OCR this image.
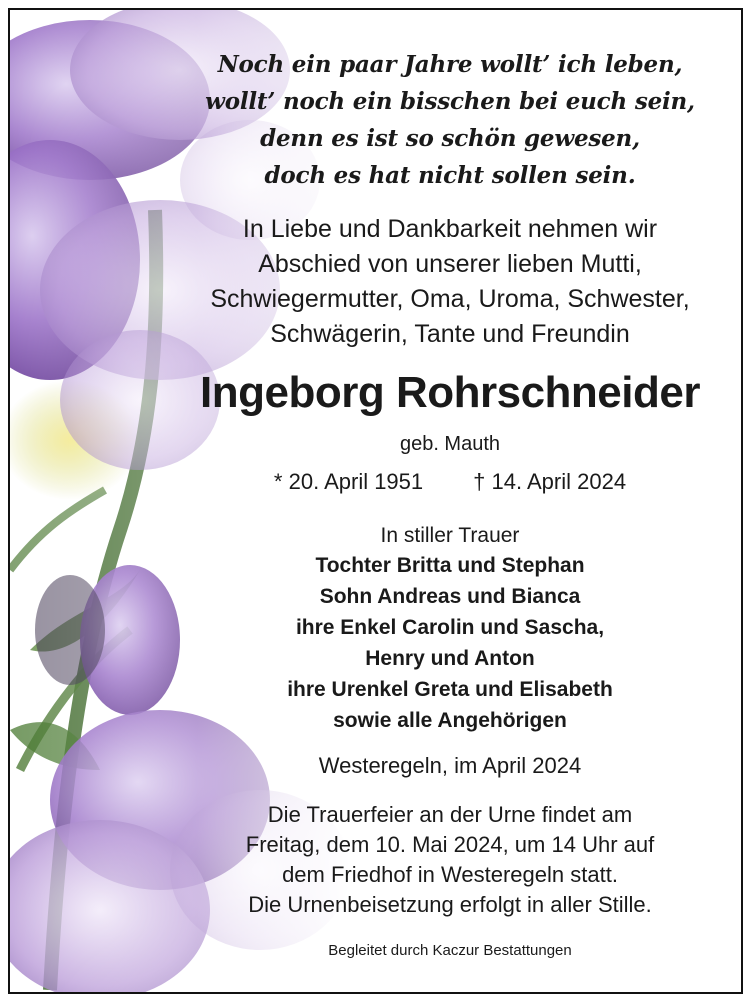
Noch ein paar Jahre wollt’ ich leben,
wollt’ noch ein bisschen bei euch sein,
denn es ist so schön gewesen,
doch es hat nicht sollen sein.
In Liebe und Dankbarkeit nehmen wir
Abschied von unserer lieben Mutti,
Schwiegermutter, Oma, Uroma, Schwester,
Schwägerin, Tante und Freundin
Ingeborg Rohrschneider
geb. Mauth
* 20. April 1951 † 14. April 2024
In stiller Trauer
Tochter Britta und Stephan
Sohn Andreas und Bianca
ihre Enkel Carolin und Sascha,
Henry und Anton
ihre Urenkel Greta und Elisabeth
sowie alle Angehörigen
Westeregeln, im April 2024
Die Trauerfeier an der Urne findet am
Freitag, dem 10. Mai 2024, um 14 Uhr auf
dem Friedhof in Westeregeln statt.
Die Urnenbeisetzung erfolgt in aller Stille.
Begleitet durch Kaczur Bestattungen
